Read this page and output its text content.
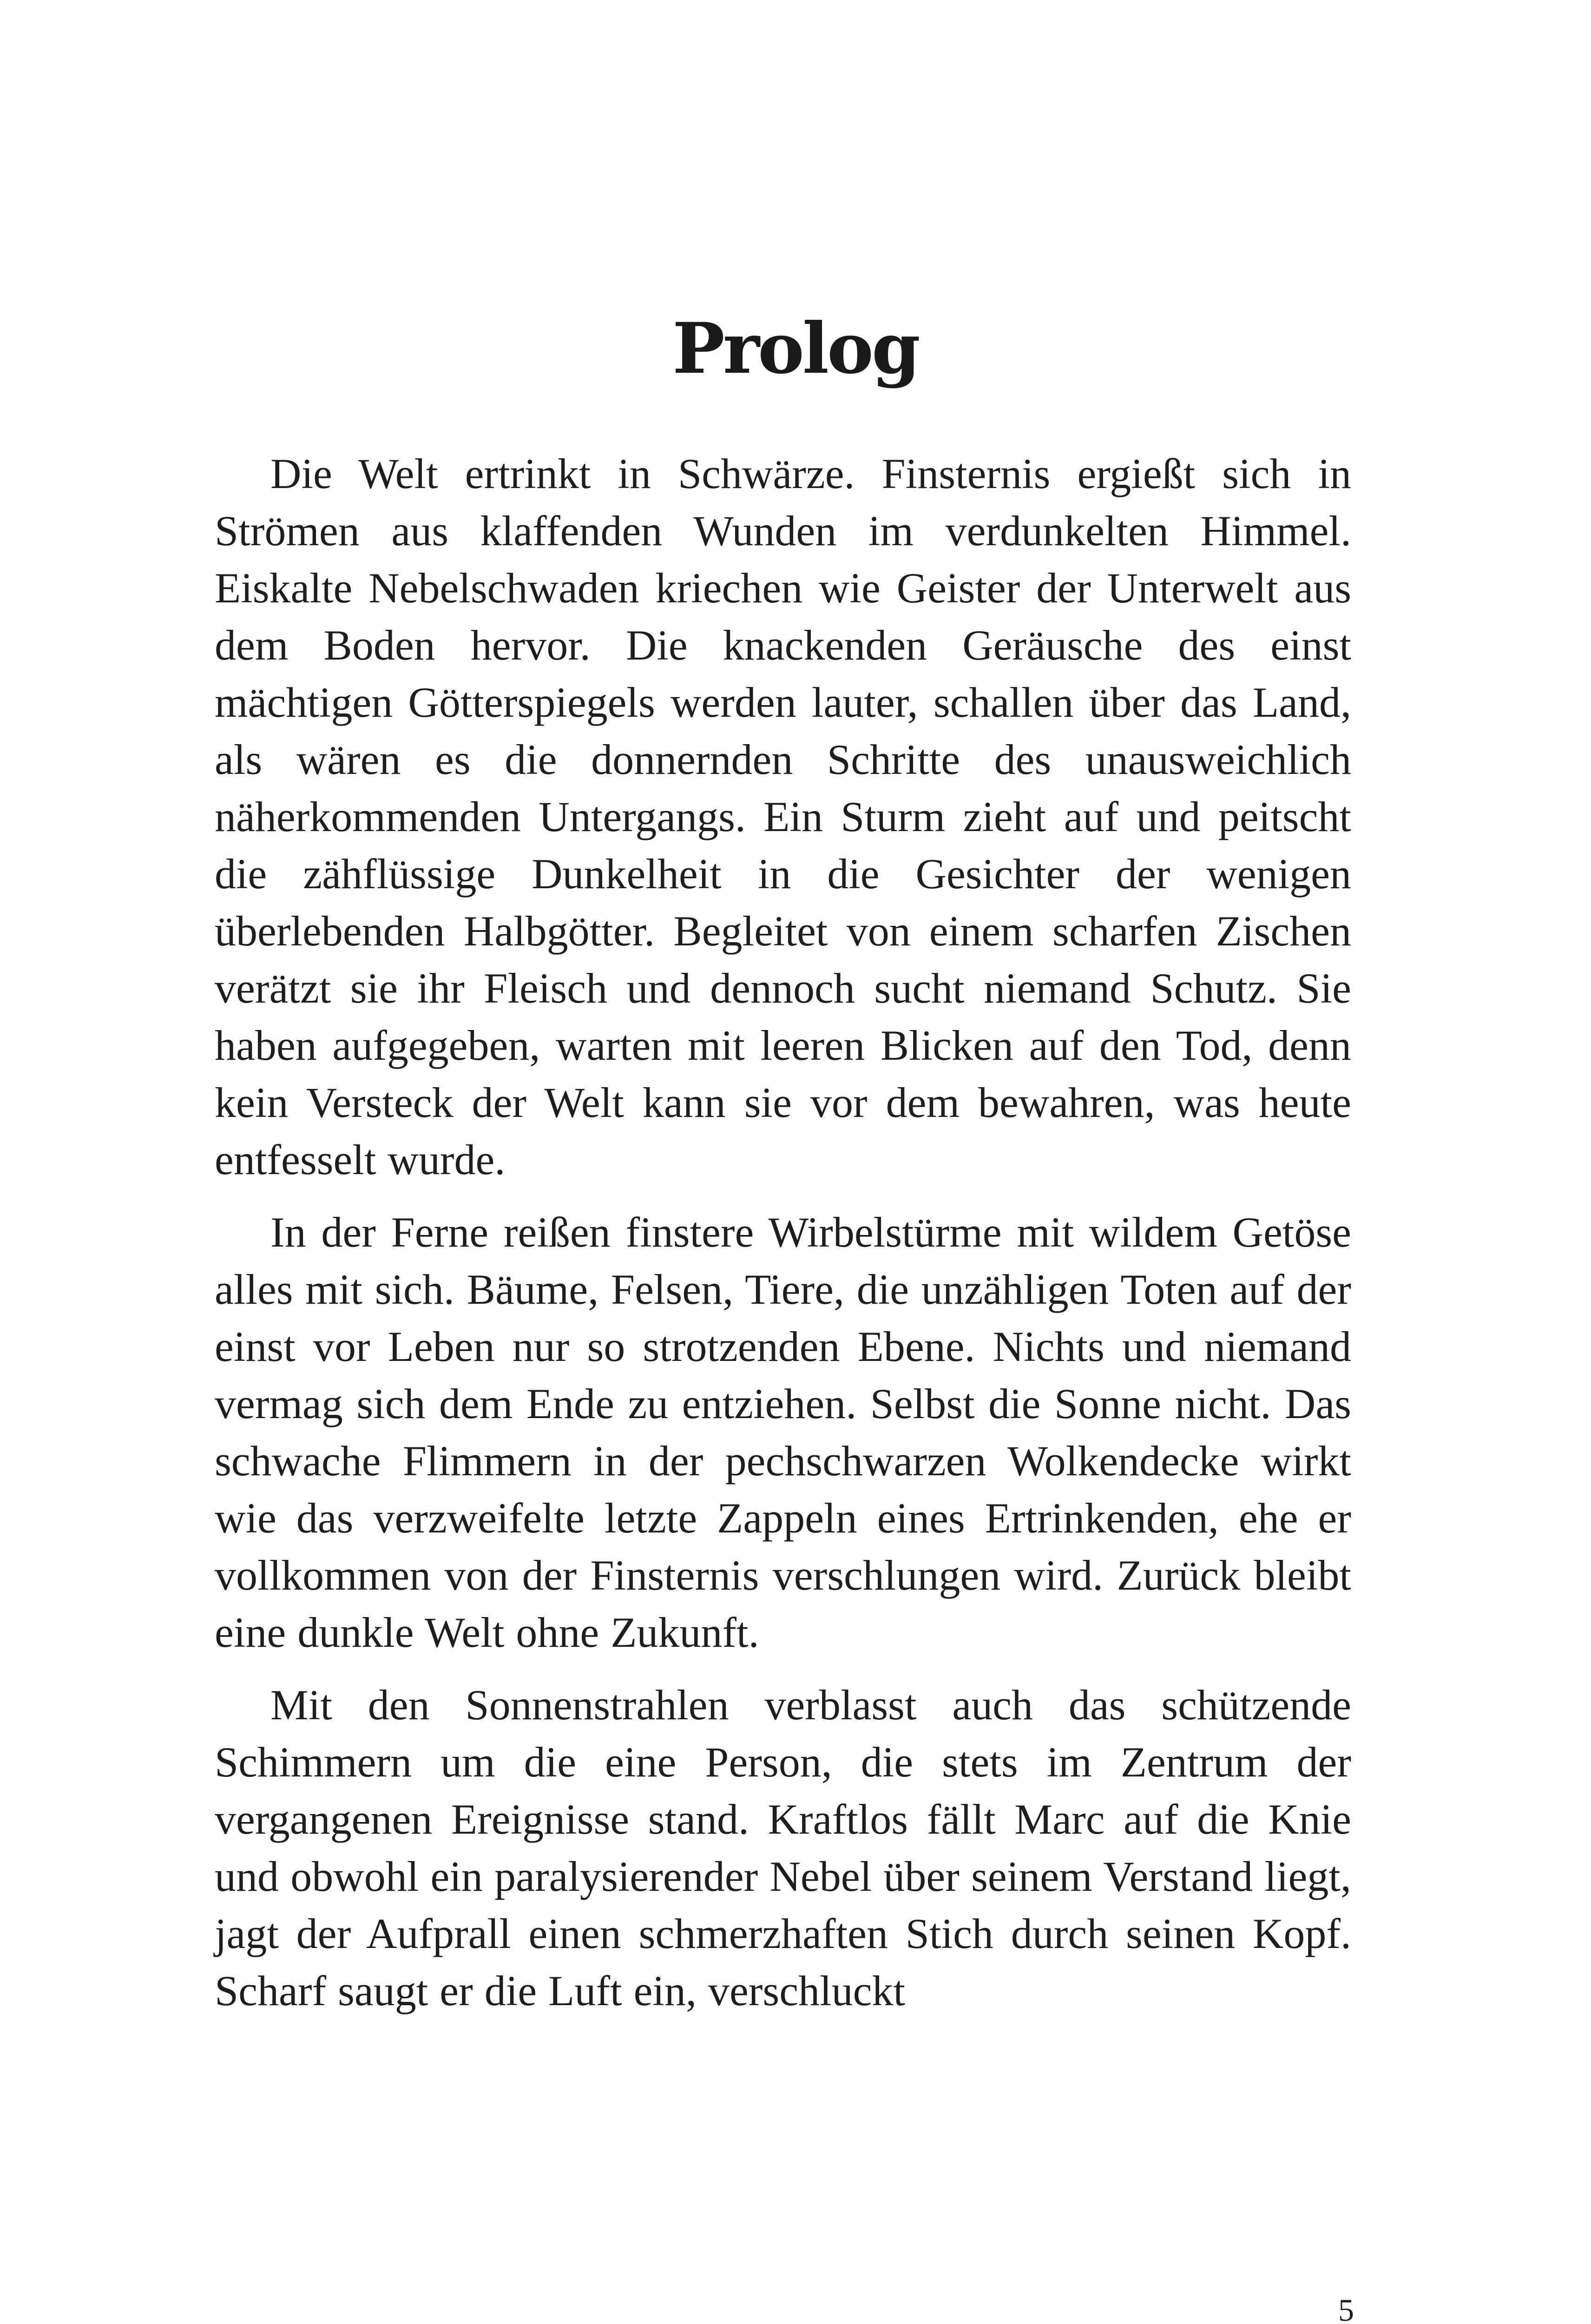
Prolog

Die Welt ertrinkt in Schwärze. Finsternis ergießt sich in Strömen aus klaffenden Wunden im verdunkelten Himmel. Eiskalte Nebelschwaden kriechen wie Geister der Unterwelt aus dem Boden hervor. Die knackenden Geräusche des einst mächtigen Götterspiegels werden lauter, schallen über das Land, als wären es die donnernden Schritte des unausweichlich näherkommenden Untergangs. Ein Sturm zieht auf und peitscht die zähflüssige Dunkelheit in die Gesichter der wenigen überlebenden Halbgötter. Begleitet von einem scharfen Zischen verätzt sie ihr Fleisch und dennoch sucht niemand Schutz. Sie haben aufgegeben, warten mit leeren Blicken auf den Tod, denn kein Versteck der Welt kann sie vor dem bewahren, was heute entfesselt wurde.

In der Ferne reißen finstere Wirbelstürme mit wildem Getöse alles mit sich. Bäume, Felsen, Tiere, die unzähligen Toten auf der einst vor Leben nur so strotzenden Ebene. Nichts und niemand vermag sich dem Ende zu entziehen. Selbst die Sonne nicht. Das schwache Flimmern in der pechschwarzen Wolkendecke wirkt wie das verzweifelte letzte Zappeln eines Ertrinkenden, ehe er vollkommen von der Finsternis verschlungen wird. Zurück bleibt eine dunkle Welt ohne Zukunft.

Mit den Sonnenstrahlen verblasst auch das schützende Schimmern um die eine Person, die stets im Zentrum der vergangenen Ereignisse stand. Kraftlos fällt Marc auf die Knie und obwohl ein paralysierender Nebel über seinem Verstand liegt, jagt der Aufprall einen schmerzhaften Stich durch seinen Kopf. Scharf saugt er die Luft ein, verschluckt

5
